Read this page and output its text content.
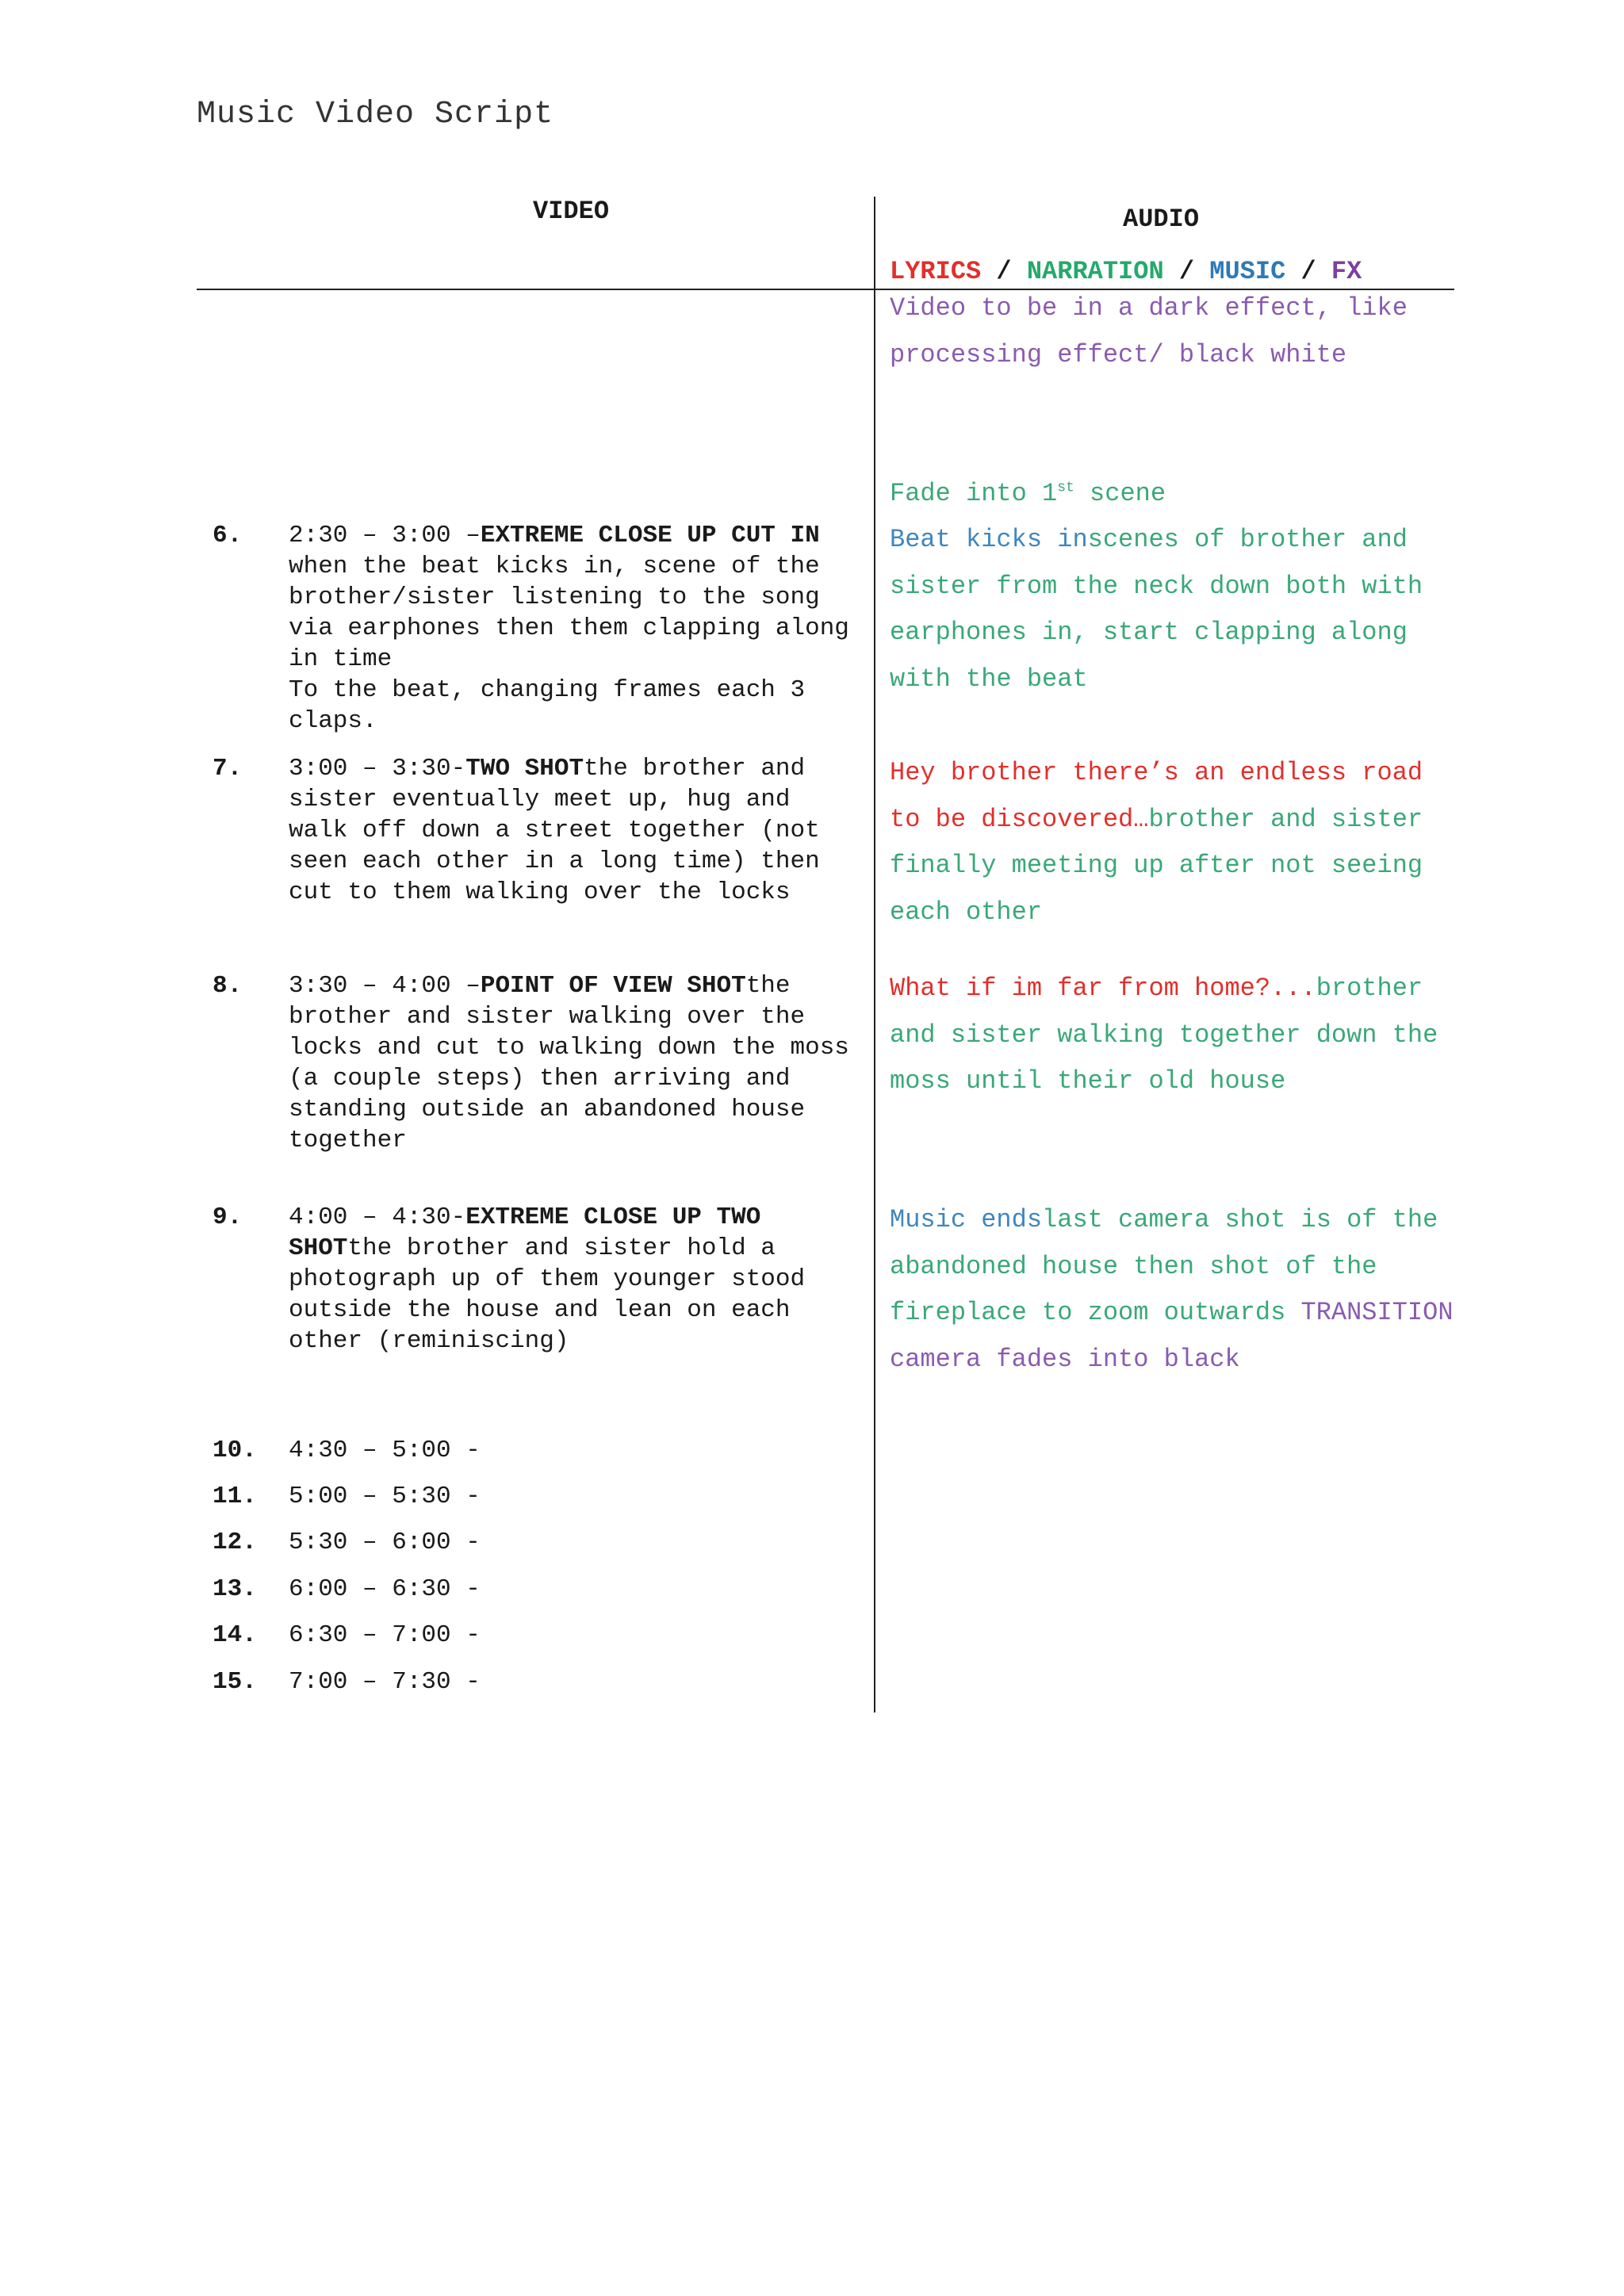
Music Video Script
VIDEO	AUDIO
LYRICS / NARRATION / MUSIC / FX
Video to be in a dark effect, like processing effect/ black white
Fade into 1st scene
6. 2:30 – 3:00 –EXTREME CLOSE UP CUT IN when the beat kicks in, scene of the brother/sister listening to the song via earphones then them clapping along in time
To the beat, changing frames each 3 claps.
Beat kicks inscenes of brother and sister from the neck down both with earphones in, start clapping along with the beat
7. 3:00 – 3:30-TWO SHOTthe brother and sister eventually meet up, hug and walk off down a street together (not seen each other in a long time) then cut to them walking over the locks
Hey brother there’s an endless road to be discovered…brother and sister finally meeting up after not seeing each other
8. 3:30 – 4:00 –POINT OF VIEW SHOTthe brother and sister walking over the locks and cut to walking down the moss (a couple steps) then arriving and standing outside an abandoned house together
What if im far from home?...brother and sister walking together down the moss until their old house
9. 4:00 – 4:30-EXTREME CLOSE UP TWO SHOTthe brother and sister hold a photograph up of them younger stood outside the house and lean on each other (reminiscing)
Music endslast camera shot is of the abandoned house then shot of the fireplace to zoom outwards TRANSITION camera fades into black
10. 4:30 – 5:00 -
11. 5:00 – 5:30 -
12. 5:30 – 6:00 -
13. 6:00 – 6:30 -
14. 6:30 – 7:00 -
15. 7:00 – 7:30 -
